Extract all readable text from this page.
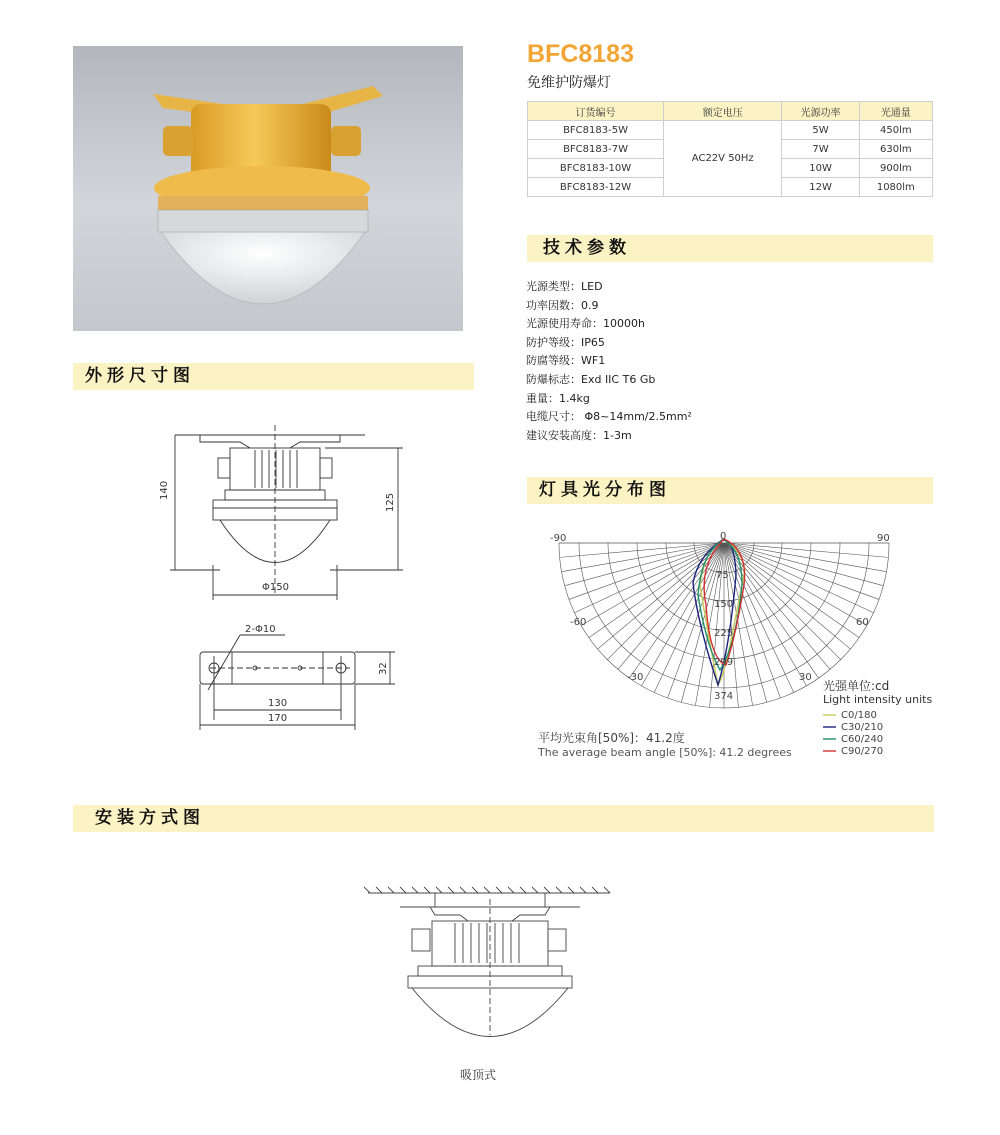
BFC8183
免维护防爆灯
订货编号	额定电压	光源功率	光通量
BFC8183-5W	AC22V 50Hz	5W	450lm
BFC8183-7W		7W	630lm
BFC8183-10W		10W	900lm
BFC8183-12W		12W	1080lm
技术参数
外形尺寸图
灯具光分布图
安装方式图
光源类型：LED
功率因数：0.9
光源使用寿命：10000h
防护等级：IP65
防腐等级：WF1
防爆标志：Exd IIC T6 Gb
重量：1.4kg
电缆尺寸： Φ8~14mm/2.5mm²
建议安装高度：1-3m
140
125
Φ150
2-Φ10
130
170
32
-90	0	90
-60	60
-30	30
75
150
225
299
374
光强单位:cd
Light intensity units
C0/180
C30/210
C60/240
C90/270
平均光束角[50%]：41.2度
The average beam angle [50%]: 41.2 degrees
吸顶式
